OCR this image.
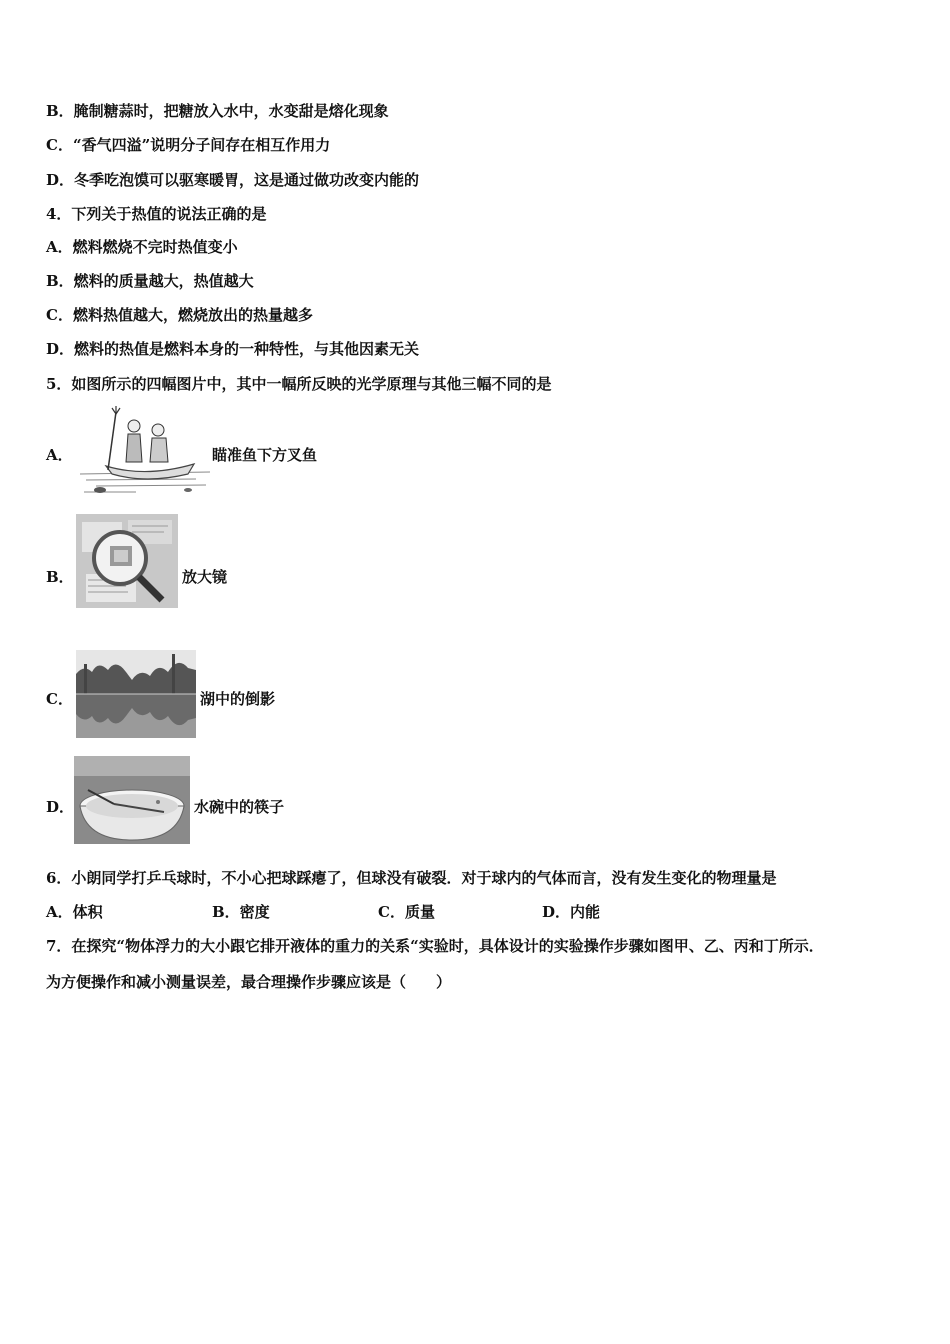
B．腌制糖蒜时，把糖放入水中，水变甜是熔化现象
C．“香气四溢”说明分子间存在相互作用力
D．冬季吃泡馍可以驱寒暖胃，这是通过做功改变内能的
4．下列关于热值的说法正确的是
A．燃料燃烧不完时热值变小
B．燃料的质量越大，热值越大
C．燃料热值越大，燃烧放出的热量越多
D．燃料的热值是燃料本身的一种特性，与其他因素无关
5．如图所示的四幅图片中，其中一幅所反映的光学原理与其他三幅不同的是
A．	瞄准鱼下方叉鱼
B．	放大镜
C．	湖中的倒影
D．	水碗中的筷子
6．小朗同学打乒乓球时，不小心把球踩瘪了，但球没有破裂．对于球内的气体而言，没有发生变化的物理量是
A．体积	B．密度	C．质量	D．内能
7．在探究“物体浮力的大小跟它排开液体的重力的关系“实验时，具体设计的实验操作步骤如图甲、乙、丙和丁所示．
为方便操作和减小测量误差，最合理操作步骤应该是（　　）
